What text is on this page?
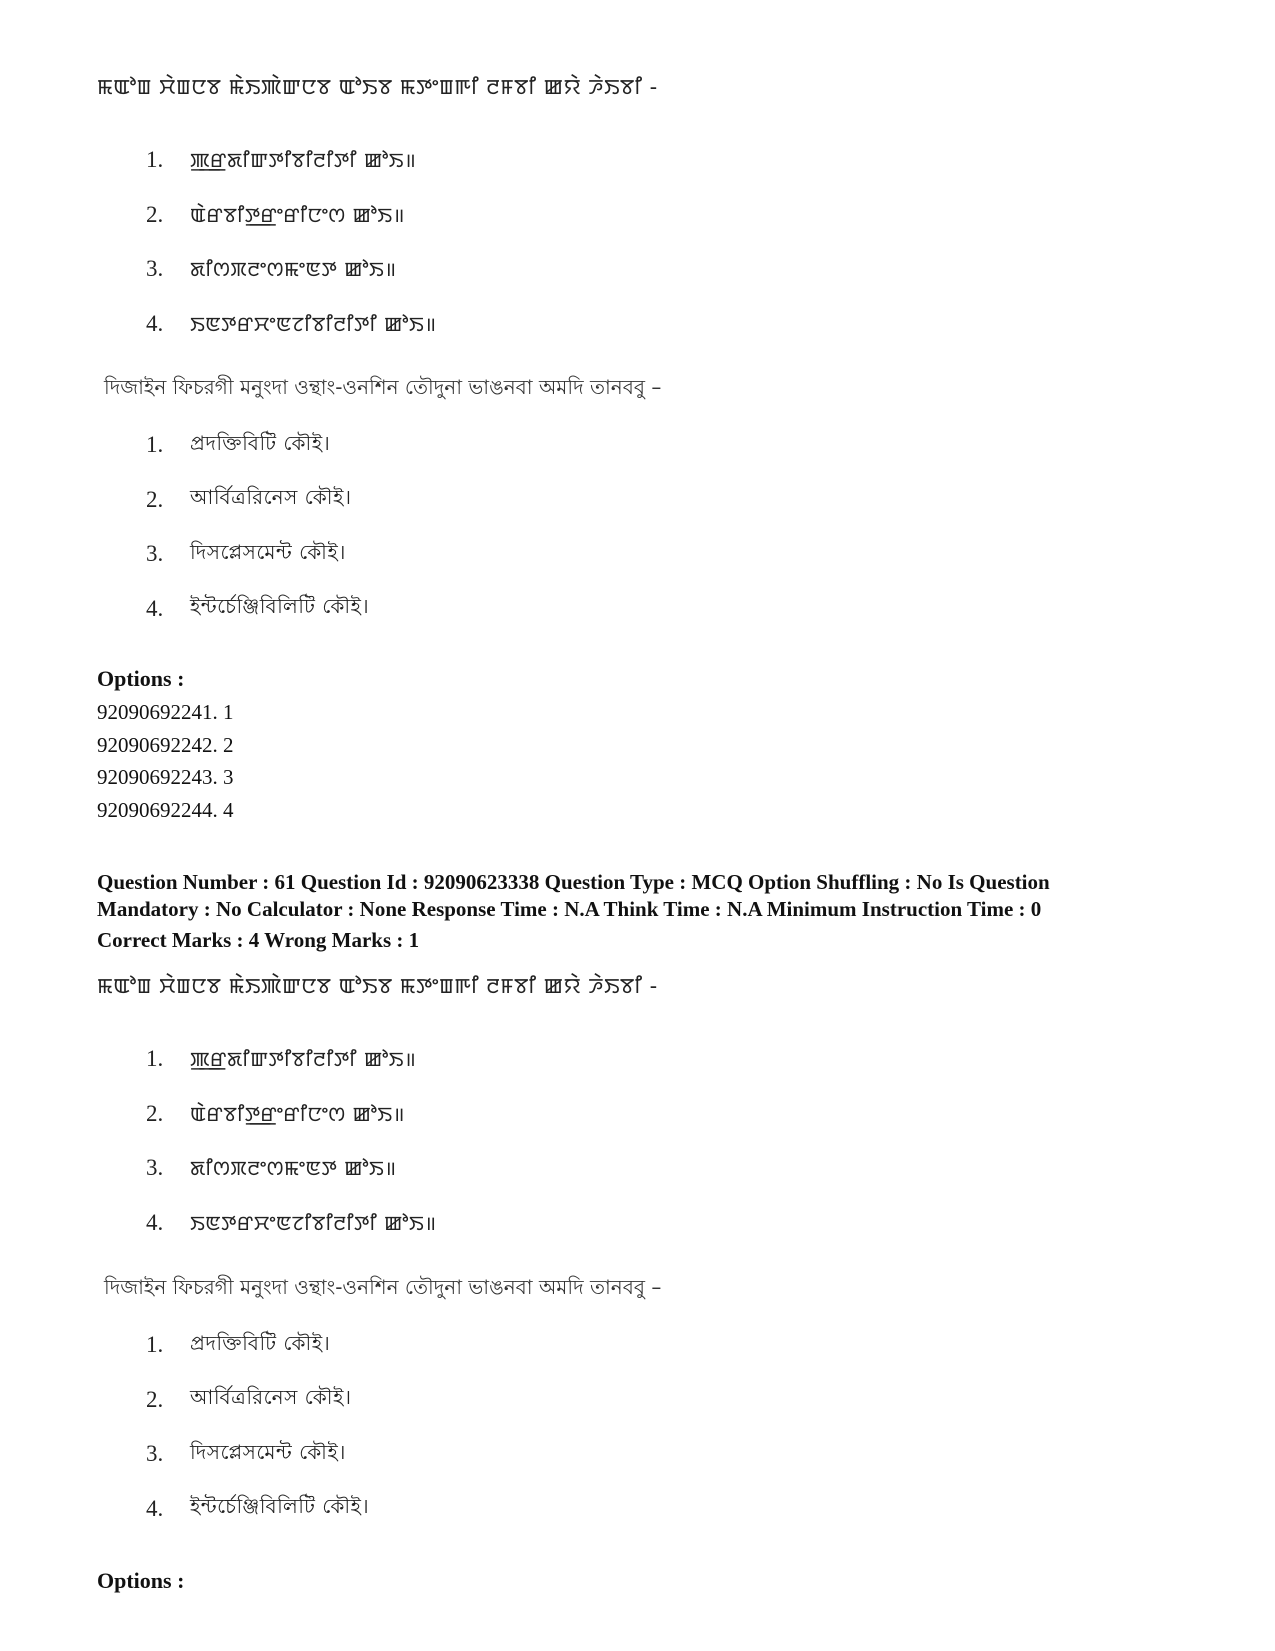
ꯃꯑꯣꯡ ꯆꯥꯡꯅꯕ ꯃꯥꯏꯄꯥꯛꯅꯕ ꯑꯣꯏꯕ ꯃꯇꯦꯡꯒꯤ ꯂꯝꯕꯤ ꯀꯌꯥ ꯍꯥꯏꯕꯤ -
1.	ꯄ꯭ꯔꯗꯤꯛꯇꯤꯕꯤꯂꯤꯇꯤ ꯀꯣꯏ॥
2.	ꯑꯥꯔꯕꯤꯇ꯭ꯔꯦꯔꯤꯅꯦꯁ ꯀꯣꯏ॥
3.	ꯗꯤꯁꯞꯂꯦꯁꯃꯦꯟꯇ ꯀꯣꯏ॥
4.	ꯏꯟꯇꯔꯆꯦꯟꯖꯤꯕꯤꯂꯤꯇꯤ ꯀꯣꯏ॥
দিজাইন ফিচরগী মনুংদা ওন্থাং-ওনশিন তৌদুনা ভাঙনবা অমদি তানববু –
1.	প্রদক্তিবিটি কৌই।
2.	আর্বিত্ররিনেস কৌই।
3.	দিসপ্লেসমেন্ট কৌই।
4.	ইন্টর্চেঞ্জিবিলিটি কৌই।
Options :
92090692241. 1
92090692242. 2
92090692243. 3
92090692244. 4
Question Number : 61 Question Id : 92090623338 Question Type : MCQ Option Shuffling : No Is Question
Mandatory : No Calculator : None Response Time : N.A Think Time : N.A Minimum Instruction Time : 0
Correct Marks : 4 Wrong Marks : 1
ꯃꯑꯣꯡ ꯆꯥꯡꯅꯕ ꯃꯥꯏꯄꯥꯛꯅꯕ ꯑꯣꯏꯕ ꯃꯇꯦꯡꯒꯤ ꯂꯝꯕꯤ ꯀꯌꯥ ꯍꯥꯏꯕꯤ -
1.	ꯄ꯭ꯔꯗꯤꯛꯇꯤꯕꯤꯂꯤꯇꯤ ꯀꯣꯏ॥
2.	ꯑꯥꯔꯕꯤꯇ꯭ꯔꯦꯔꯤꯅꯦꯁ ꯀꯣꯏ॥
3.	ꯗꯤꯁꯞꯂꯦꯁꯃꯦꯟꯇ ꯀꯣꯏ॥
4.	ꯏꯟꯇꯔꯆꯦꯟꯖꯤꯕꯤꯂꯤꯇꯤ ꯀꯣꯏ॥
দিজাইন ফিচরগী মনুংদা ওন্থাং-ওনশিন তৌদুনা ভাঙনবা অমদি তানববু –
1.	প্রদক্তিবিটি কৌই।
2.	আর্বিত্ররিনেস কৌই।
3.	দিসপ্লেসমেন্ট কৌই।
4.	ইন্টর্চেঞ্জিবিলিটি কৌই।
Options :
